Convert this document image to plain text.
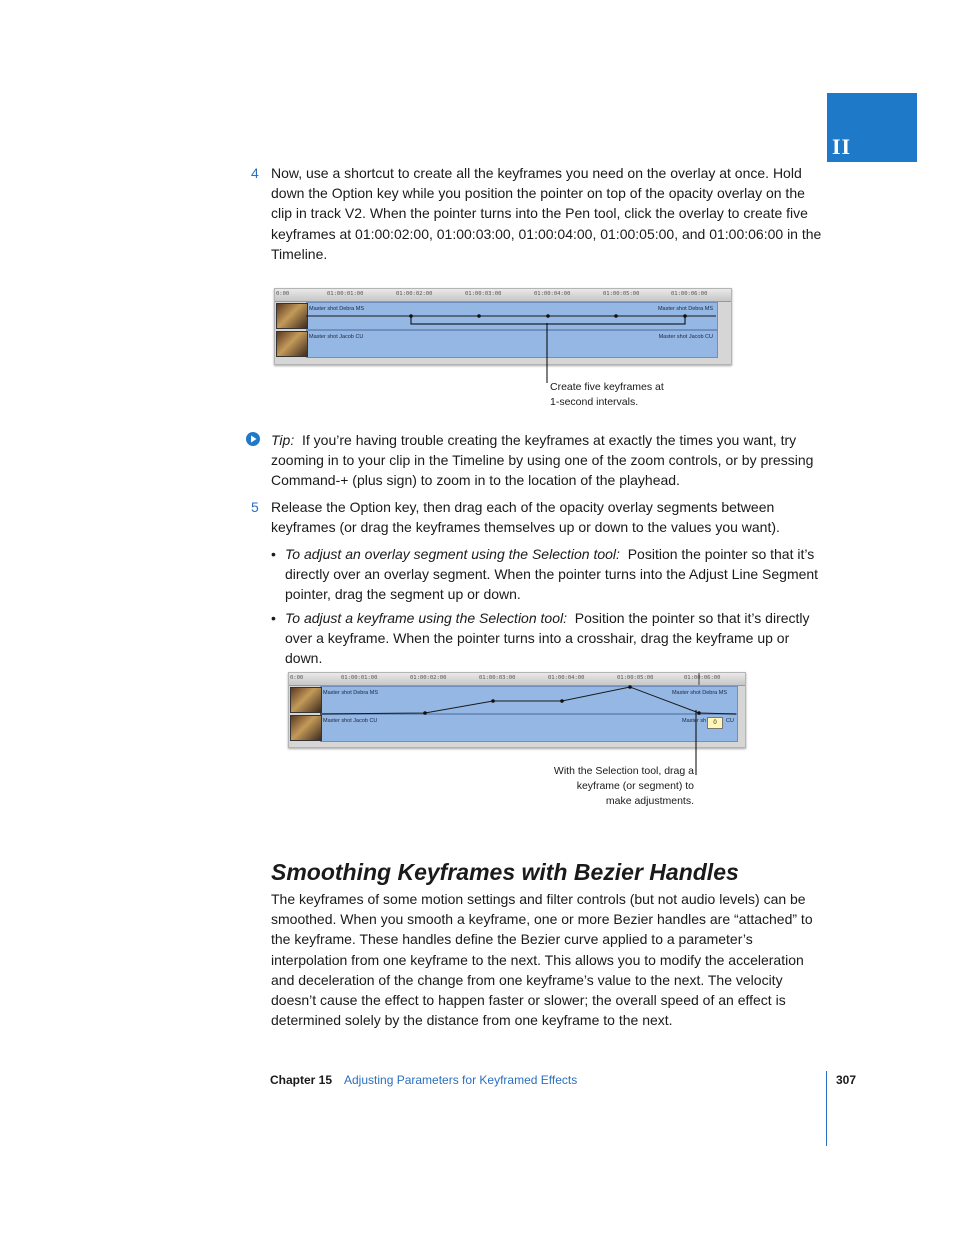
II
4 Now, use a shortcut to create all the keyframes you need on the overlay at once. Hold down the Option key while you position the pointer on top of the opacity overlay on the clip in track V2. When the pointer turns into the Pen tool, click the overlay to create five keyframes at 01:00:02:00, 01:00:03:00, 01:00:04:00, 01:00:05:00, and 01:00:06:00 in the Timeline.
0:00	01:00:01:00	01:00:02:00	01:00:03:00	01:00:04:00	01:00:05:00	01:00:06:00
Master shot Debra MS	Master shot Debra MS
Master shot Jacob CU	Master shot Jacob CU
Create five keyframes at
1-second intervals.
Tip: If you’re having trouble creating the keyframes at exactly the times you want, try zooming in to your clip in the Timeline by using one of the zoom controls, or by pressing Command-+ (plus sign) to zoom in to the location of the playhead.
5 Release the Option key, then drag each of the opacity overlay segments between keyframes (or drag the keyframes themselves up or down to the values you want).
• To adjust an overlay segment using the Selection tool: Position the pointer so that it’s directly over an overlay segment. When the pointer turns into the Adjust Line Segment pointer, drag the segment up or down.
• To adjust a keyframe using the Selection tool: Position the pointer so that it’s directly over a keyframe. When the pointer turns into a crosshair, drag the keyframe up or down.
0:00	01:00:01:00	01:00:02:00	01:00:03:00	01:00:04:00	01:00:05:00	01:00:06:00
Master shot Debra MS	Master shot Debra MS
Master shot Jacob CU	Master sh	CU
0
With the Selection tool, drag a
keyframe (or segment) to
make adjustments.
Smoothing Keyframes with Bezier Handles
The keyframes of some motion settings and filter controls (but not audio levels) can be smoothed. When you smooth a keyframe, one or more Bezier handles are “attached” to the keyframe. These handles define the Bezier curve applied to a parameter’s interpolation from one keyframe to the next. This allows you to modify the acceleration and deceleration of the change from one keyframe’s value to the next. The velocity doesn’t cause the effect to happen faster or slower; the overall speed of an effect is determined solely by the distance from one keyframe to the next.
Chapter 15 Adjusting Parameters for Keyframed Effects	307
